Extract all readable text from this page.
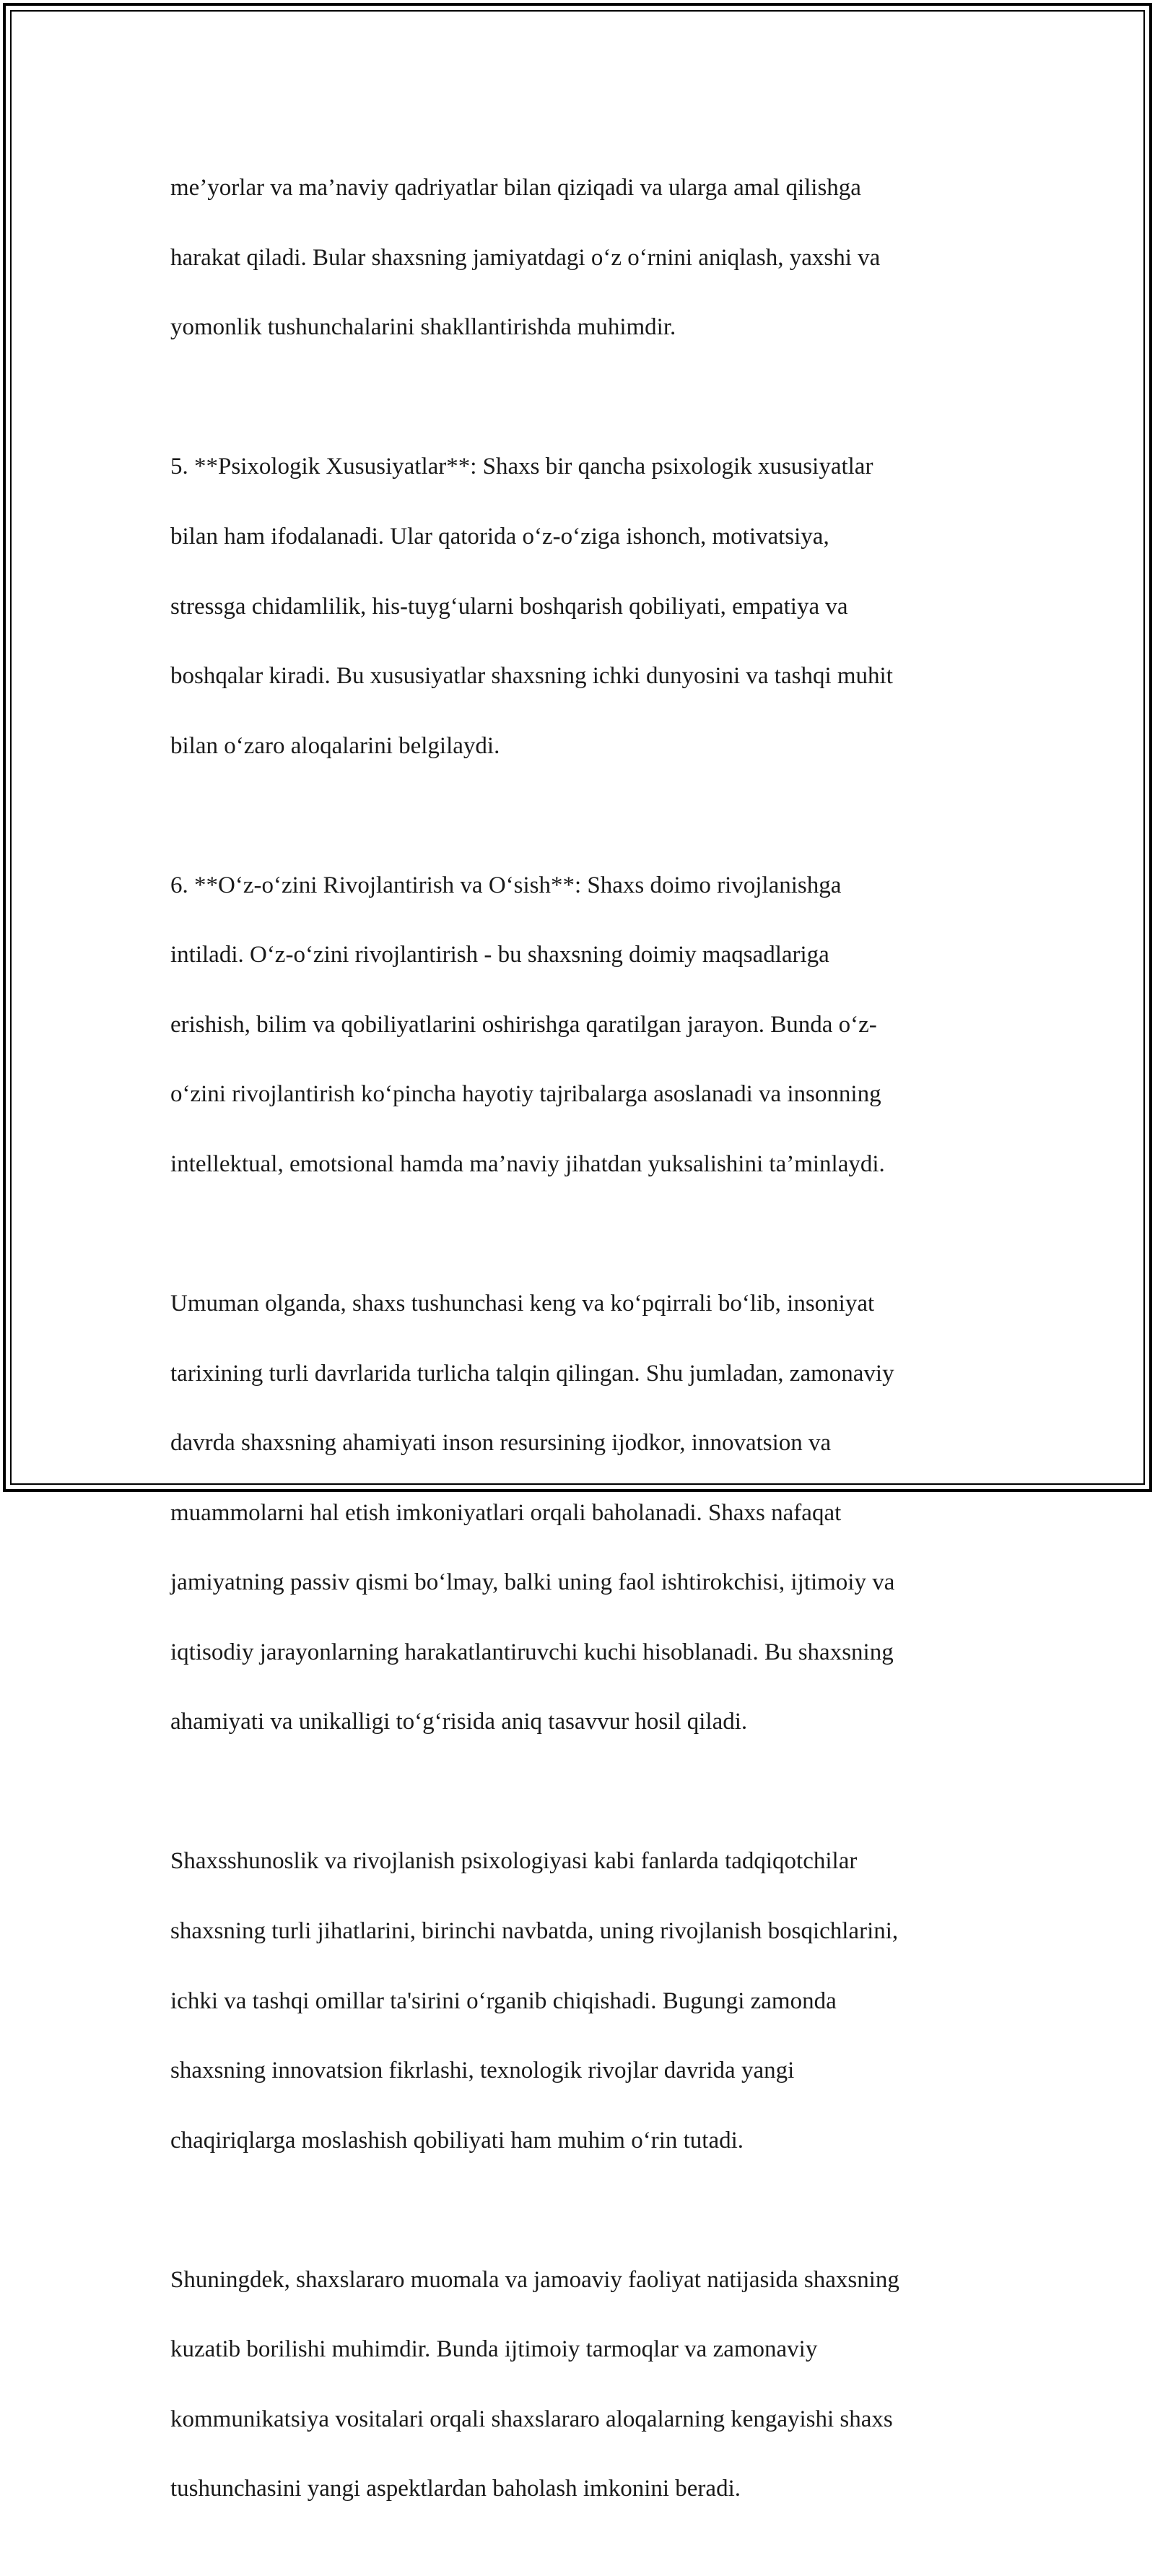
me’yorlar va ma’naviy qadriyatlar bilan qiziqadi va ularga amal qilishga

harakat qiladi. Bular shaxsning jamiyatdagi o‘z o‘rnini aniqlash, yaxshi va

yomonlik tushunchalarini shakllantirishda muhimdir.

5. **Psixologik Xususiyatlar**: Shaxs bir qancha psixologik xususiyatlar

bilan ham ifodalanadi. Ular qatorida o‘z-o‘ziga ishonch, motivatsiya,

stressga chidamlilik, his-tuyg‘ularni boshqarish qobiliyati, empatiya va

boshqalar kiradi. Bu xususiyatlar shaxsning ichki dunyosini va tashqi muhit

bilan o‘zaro aloqalarini belgilaydi.

6. **O‘z-o‘zini Rivojlantirish va O‘sish**: Shaxs doimo rivojlanishga

intiladi. O‘z-o‘zini rivojlantirish - bu shaxsning doimiy maqsadlariga

erishish, bilim va qobiliyatlarini oshirishga qaratilgan jarayon. Bunda o‘z-

o‘zini rivojlantirish ko‘pincha hayotiy tajribalarga asoslanadi va insonning

intellektual, emotsional hamda ma’naviy jihatdan yuksalishini ta’minlaydi.

Umuman olganda, shaxs tushunchasi keng va ko‘pqirrali bo‘lib, insoniyat

tarixining turli davrlarida turlicha talqin qilingan. Shu jumladan, zamonaviy

davrda shaxsning ahamiyati inson resursining ijodkor, innovatsion va

muammolarni hal etish imkoniyatlari orqali baholanadi. Shaxs nafaqat

jamiyatning passiv qismi bo‘lmay, balki uning faol ishtirokchisi, ijtimoiy va

iqtisodiy jarayonlarning harakatlantiruvchi kuchi hisoblanadi. Bu shaxsning

ahamiyati va unikalligi to‘g‘risida aniq tasavvur hosil qiladi.

Shaxsshunoslik va rivojlanish psixologiyasi kabi fanlarda tadqiqotchilar

shaxsning turli jihatlarini, birinchi navbatda, uning rivojlanish bosqichlarini,

ichki va tashqi omillar ta'sirini o‘rganib chiqishadi. Bugungi zamonda

shaxsning innovatsion fikrlashi, texnologik rivojlar davrida yangi

chaqiriqlarga moslashish qobiliyati ham muhim o‘rin tutadi.

Shuningdek, shaxslararo muomala va jamoaviy faoliyat natijasida shaxsning

kuzatib borilishi muhimdir. Bunda ijtimoiy tarmoqlar va zamonaviy

kommunikatsiya vositalari orqali shaxslararo aloqalarning kengayishi shaxs

tushunchasini yangi aspektlardan baholash imkonini beradi.
